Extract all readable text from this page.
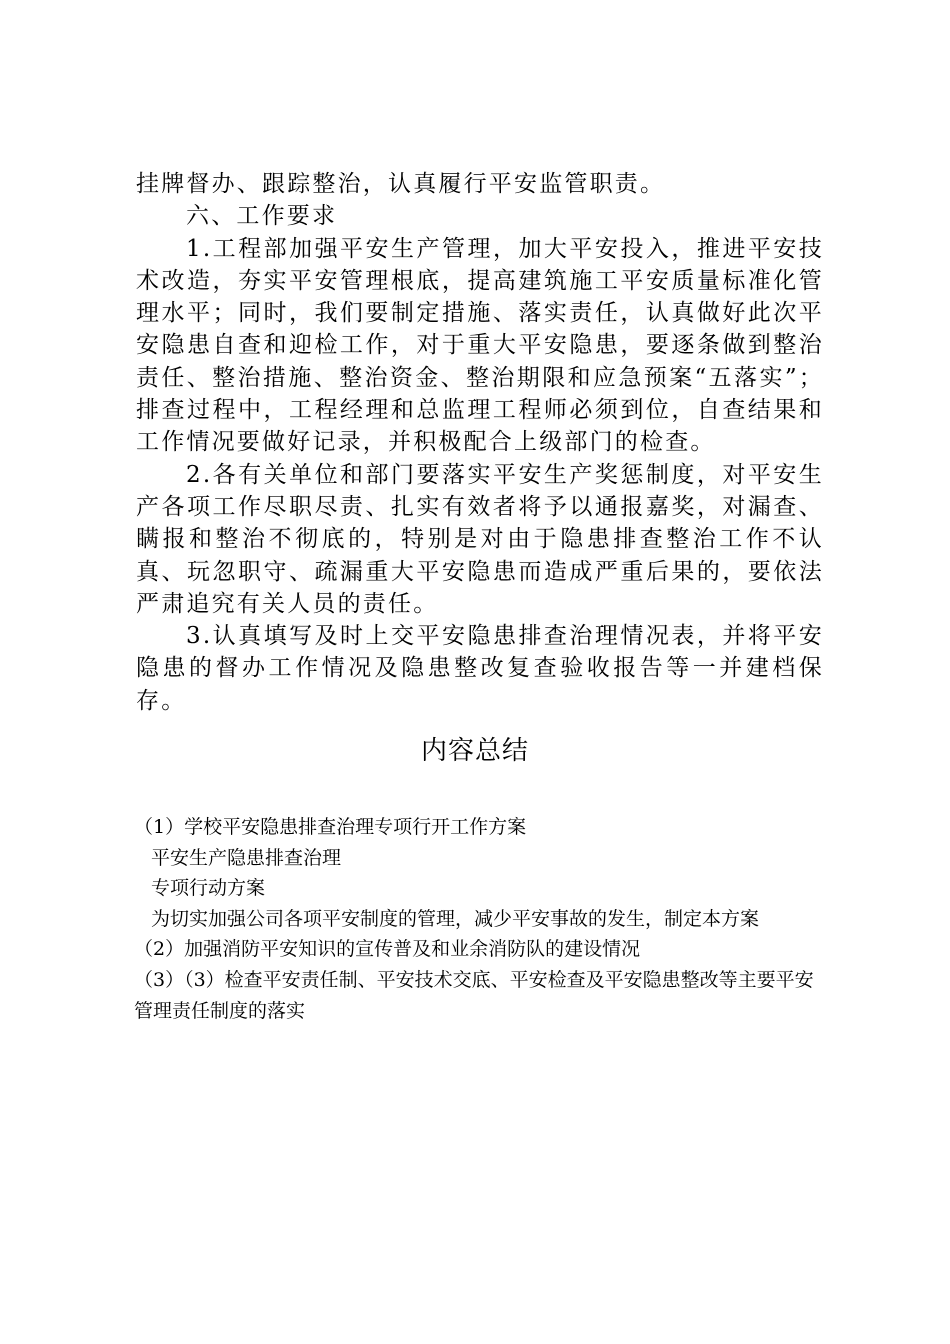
挂牌督办、跟踪整治，认真履行平安监管职责。

六、工作要求

1.工程部加强平安生产管理，加大平安投入，推进平安技术改造，夯实平安管理根底，提高建筑施工平安质量标准化管理水平；同时，我们要制定措施、落实责任，认真做好此次平安隐患自查和迎检工作，对于重大平安隐患，要逐条做到整治责任、整治措施、整治资金、整治期限和应急预案“五落实”；排查过程中，工程经理和总监理工程师必须到位，自查结果和工作情况要做好记录，并积极配合上级部门的检查。

2.各有关单位和部门要落实平安生产奖惩制度，对平安生产各项工作尽职尽责、扎实有效者将予以通报嘉奖，对漏查、瞒报和整治不彻底的，特别是对由于隐患排查整治工作不认真、玩忽职守、疏漏重大平安隐患而造成严重后果的，要依法严肃追究有关人员的责任。

3.认真填写及时上交平安隐患排查治理情况表，并将平安隐患的督办工作情况及隐患整改复查验收报告等一并建档保存。

内容总结
（1）学校平安隐患排查治理专项行开工作方案
平安生产隐患排查治理
专项行动方案
为切实加强公司各项平安制度的管理，减少平安事故的发生，制定本方案
（2）加强消防平安知识的宣传普及和业余消防队的建设情况
（3）（3）检查平安责任制、平安技术交底、平安检查及平安隐患整改等主要平安管理责任制度的落实
